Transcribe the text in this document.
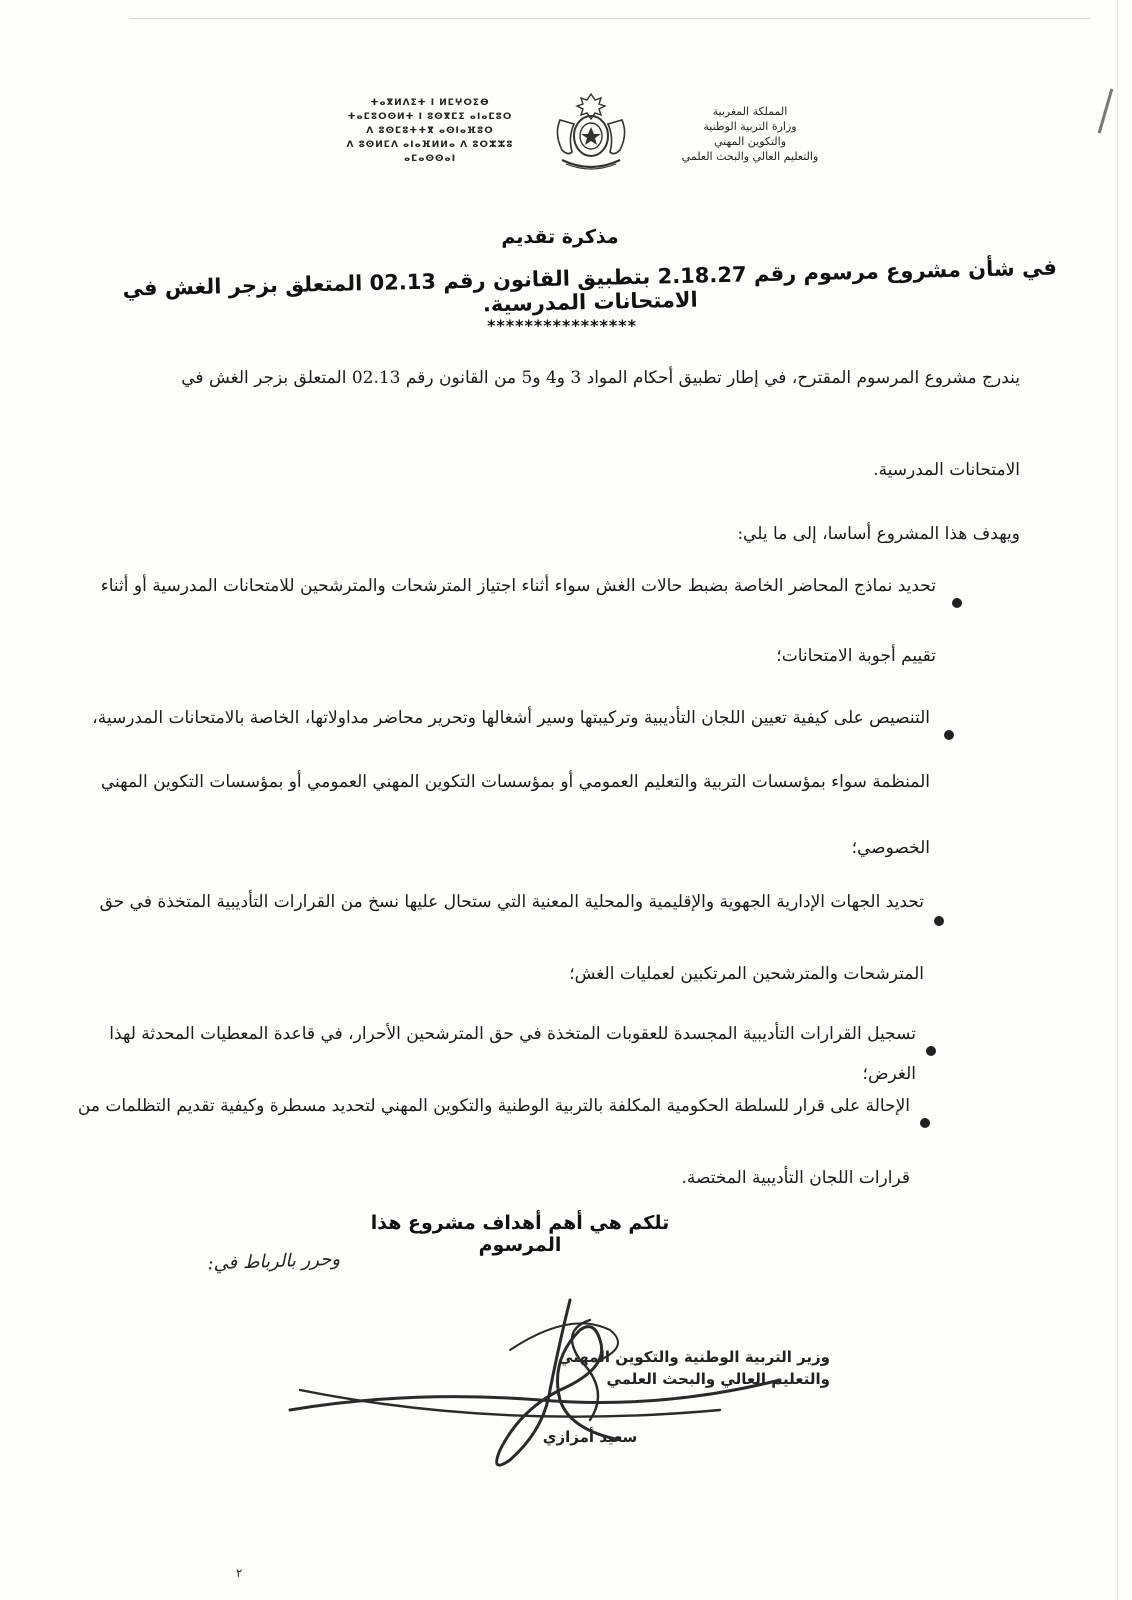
ⵜⴰⴳⵍⴷⵉⵜ ⵏ ⵍⵎⵖⵔⵉⴱ
ⵜⴰⵎⵓⵔⵙⵍⵜ ⵏ ⵓⵙⴳⵎⵉ ⴰⵏⴰⵎⵓⵔ
ⴷ ⵓⵙⵎⵓⵜⵜⴳ ⴰⵙⵏⴰⴼⵓⵔ
ⴷ ⵓⵙⵍⵎⴷ ⴰⵏⴰⴼⵍⵍⴰ ⴷ ⵓⵔⵣⵣⵓ ⴰⵎⴰⵙⵙⴰⵏ
المملكة المغربية
وزارة التربية الوطنية
والتكوين المهني
والتعليم العالي والبحث العلمي
مذكرة تقديم
في شأن مشروع مرسوم رقم 2.18.27 بتطبيق القانون رقم 02.13 المتعلق بزجر الغش في الامتحانات المدرسية.
****************
يندرج مشروع المرسوم المقترح، في إطار تطبيق أحكام المواد 3 و4 و5 من القانون رقم 02.13 المتعلق بزجر الغش في
الامتحانات المدرسية.
ويهدف هذا المشروع أساسا، إلى ما يلي:
تحديد نماذج المحاضر الخاصة بضبط حالات الغش سواء أثناء اجتياز المترشحات والمترشحين للامتحانات المدرسية أو أثناء
تقييم أجوبة الامتحانات؛
التنصيص على كيفية تعيين اللجان التأديبية وتركيبتها وسير أشغالها وتحرير محاضر مداولاتها، الخاصة بالامتحانات المدرسية،
المنظمة سواء بمؤسسات التربية والتعليم العمومي أو بمؤسسات التكوين المهني العمومي أو بمؤسسات التكوين المهني
الخصوصي؛
تحديد الجهات الإدارية الجهوية والإقليمية والمحلية المعنية التي ستحال عليها نسخ من القرارات التأديبية المتخذة في حق
المترشحات والمترشحين المرتكبين لعمليات الغش؛
تسجيل القرارات التأديبية المجسدة للعقوبات المتخذة في حق المترشحين الأحرار، في قاعدة المعطيات المحدثة لهذا الغرض؛
الإحالة على قرار للسلطة الحكومية المكلفة بالتربية الوطنية والتكوين المهني لتحديد مسطرة وكيفية تقديم التظلمات من
قرارات اللجان التأديبية المختصة.
تلكم هي أهم أهداف مشروع هذا المرسوم
وحرر بالرباط في:
وزير التربية الوطنية والتكوين المهني
والتعليم العالي والبحث العلمي
سعيد أمزازي
٢
